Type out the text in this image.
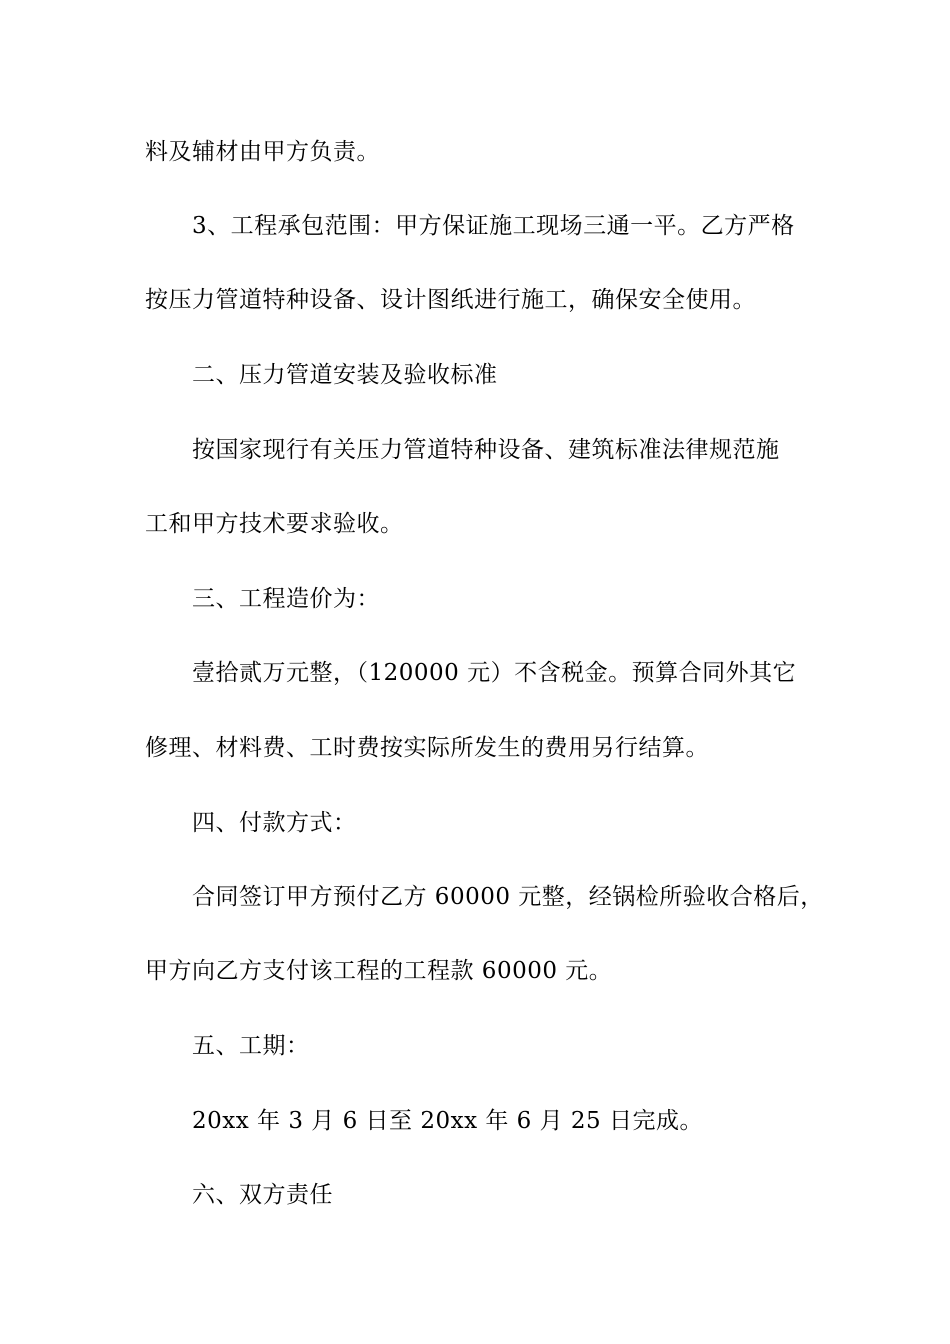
料及辅材由甲方负责。
3、工程承包范围：甲方保证施工现场三通一平。乙方严格
按压力管道特种设备、设计图纸进行施工，确保安全使用。
二、压力管道安装及验收标准
按国家现行有关压力管道特种设备、建筑标准法律规范施
工和甲方技术要求验收。
三、工程造价为：
壹拾贰万元整，（120000 元）不含税金。预算合同外其它
修理、材料费、工时费按实际所发生的费用另行结算。
四、付款方式：
合同签订甲方预付乙方 60000 元整，经锅检所验收合格后，
甲方向乙方支付该工程的工程款 60000 元。
五、工期：
20xx 年 3 月 6 日至 20xx 年 6 月 25 日完成。
六、双方责任
